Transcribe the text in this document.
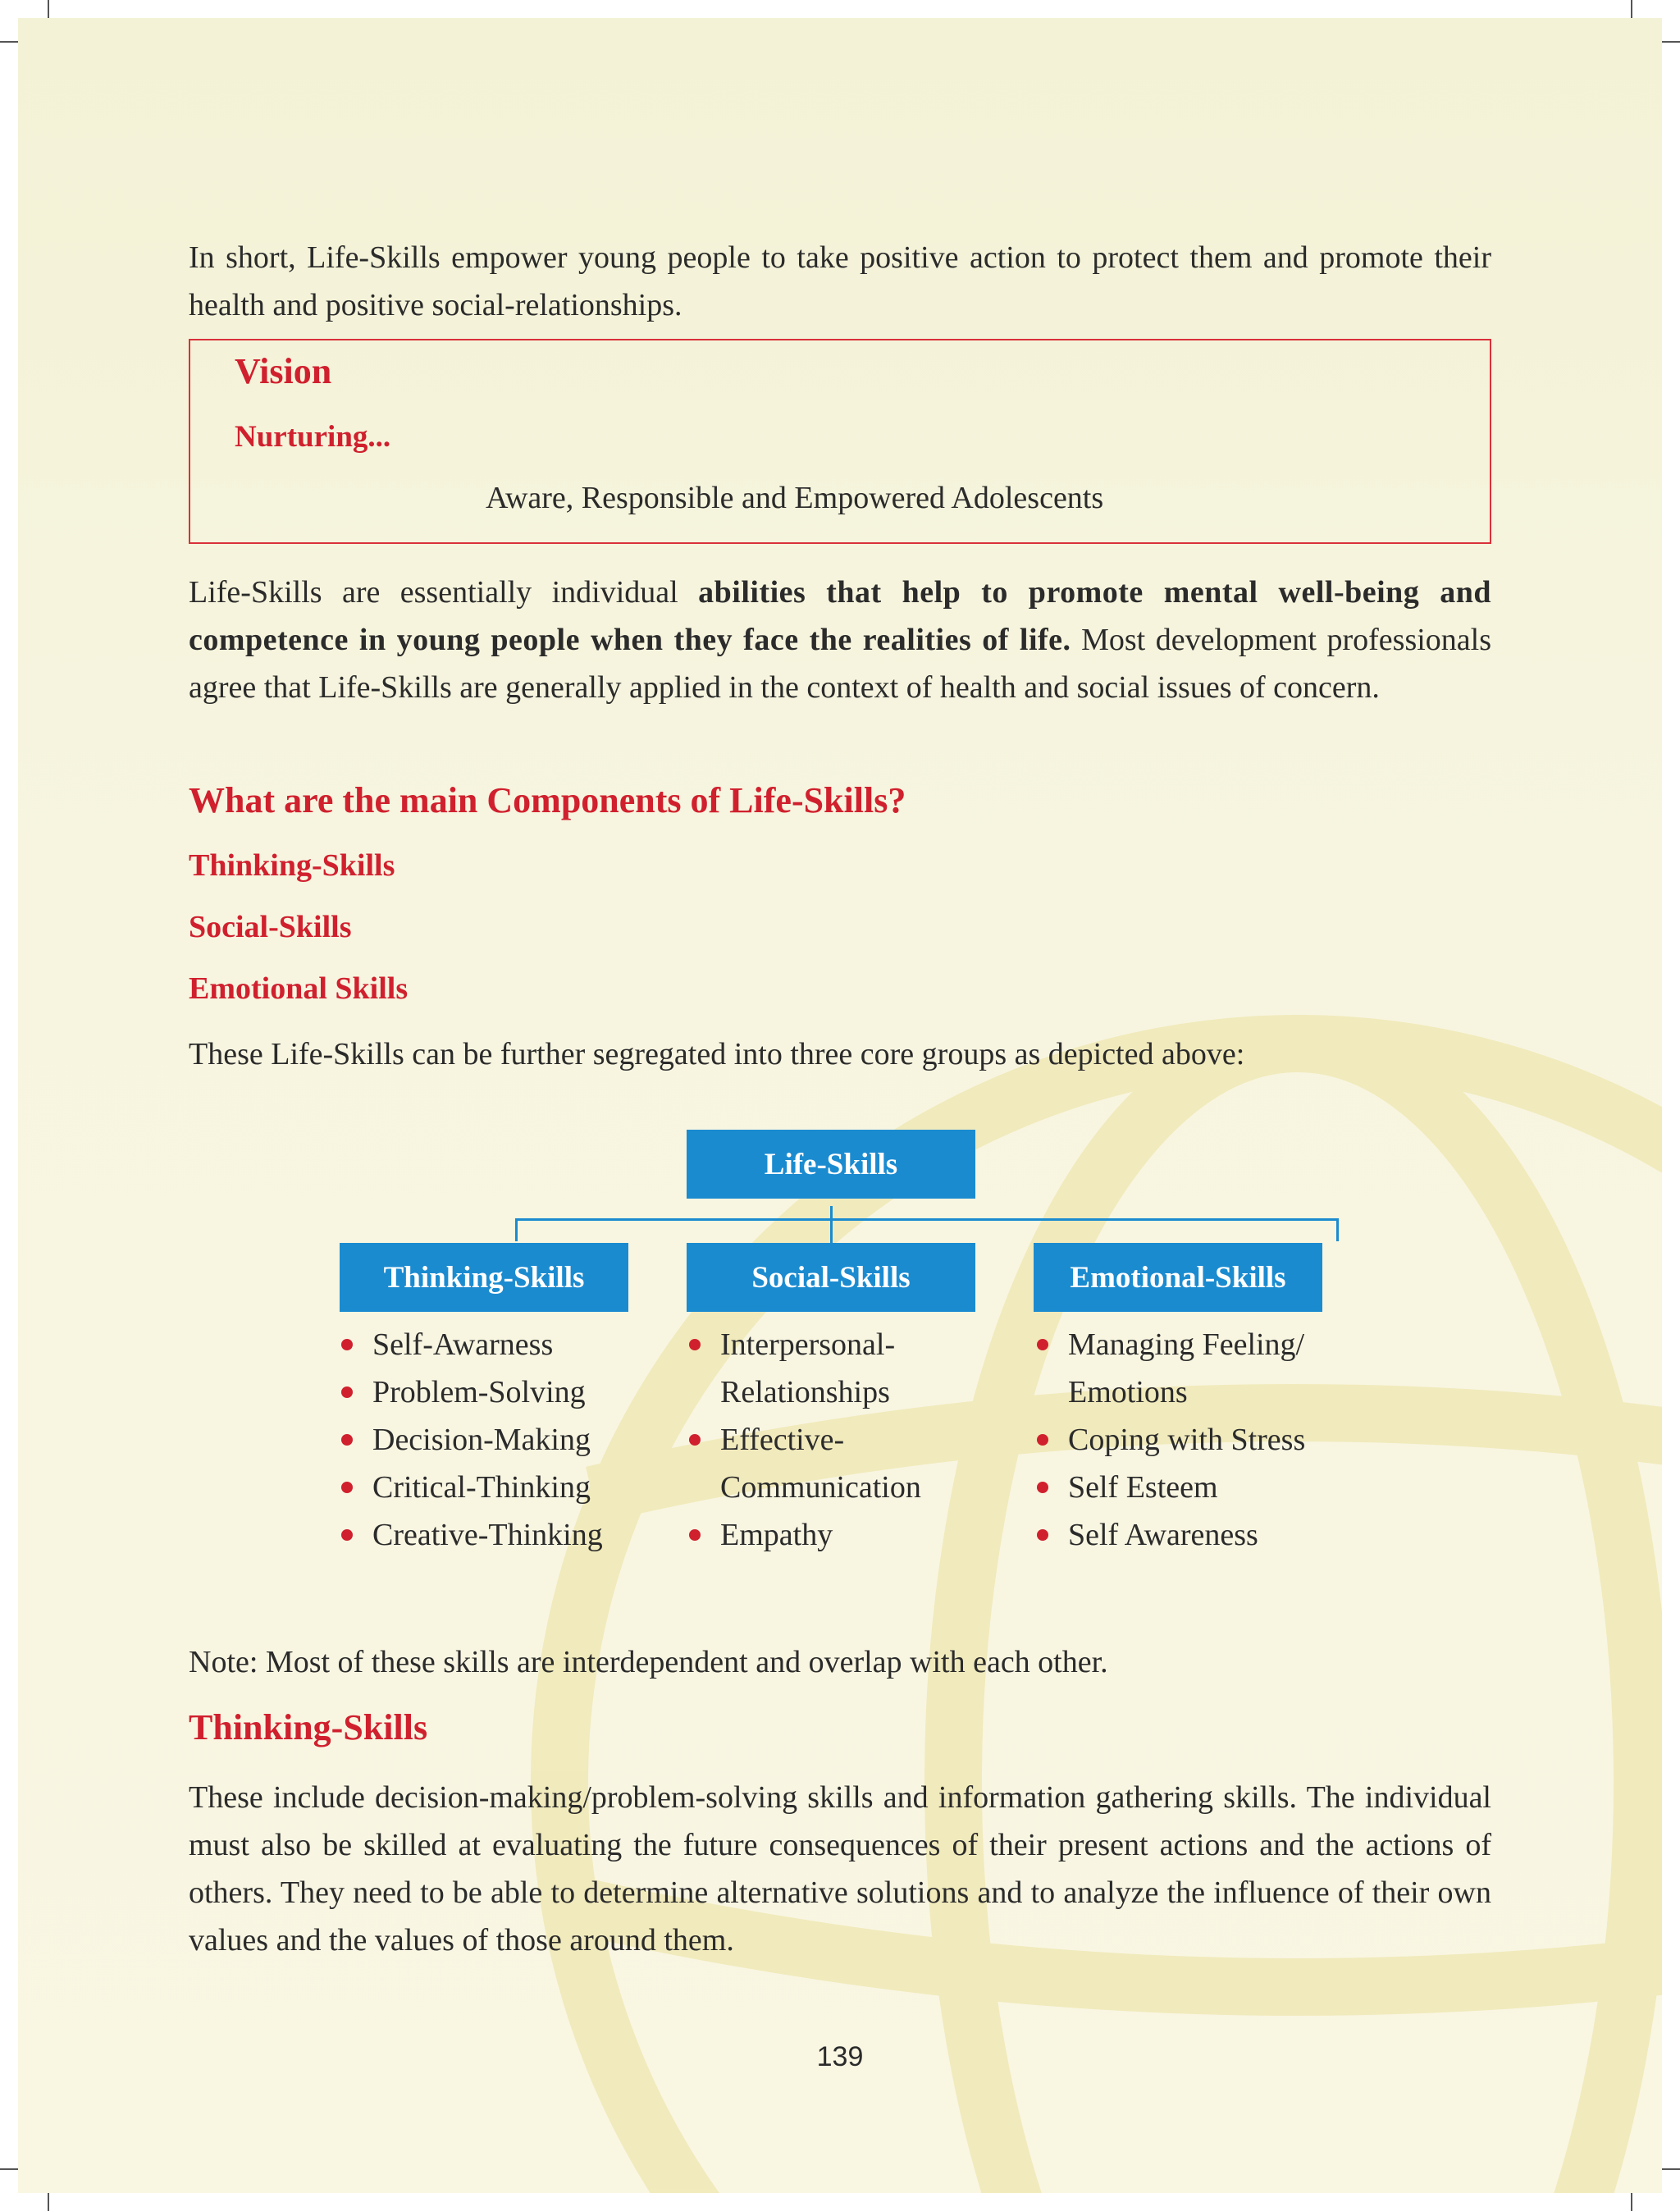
In short, Life-Skills empower young people to take positive action to protect them and promote their health and positive social-relationships.

Vision
Nurturing...
Aware, Responsible and Empowered Adolescents

Life-Skills are essentially individual abilities that help to promote mental well-being and competence in young people when they face the realities of life. Most development professionals agree that Life-Skills are generally applied in the context of health and social issues of concern.

What are the main Components of Life-Skills?
Thinking-Skills
Social-Skills
Emotional Skills

These Life-Skills can be further segregated into three core groups as depicted above:

Life-Skills
Thinking-Skills	Social-Skills	Emotional-Skills
Self-Awarness
Problem-Solving
Decision-Making
Critical-Thinking
Creative-Thinking
Interpersonal-
Relationships
Effective-
Communication
Empathy
Managing Feeling/
Emotions
Coping with Stress
Self Esteem
Self Awareness

Note: Most of these skills are interdependent and overlap with each other.

Thinking-Skills

These include decision-making/problem-solving skills and information gathering skills. The individual must also be skilled at evaluating the future consequences of their present actions and the actions of others. They need to be able to determine alternative solutions and to analyze the influence of their own values and the values of those around them.

139
